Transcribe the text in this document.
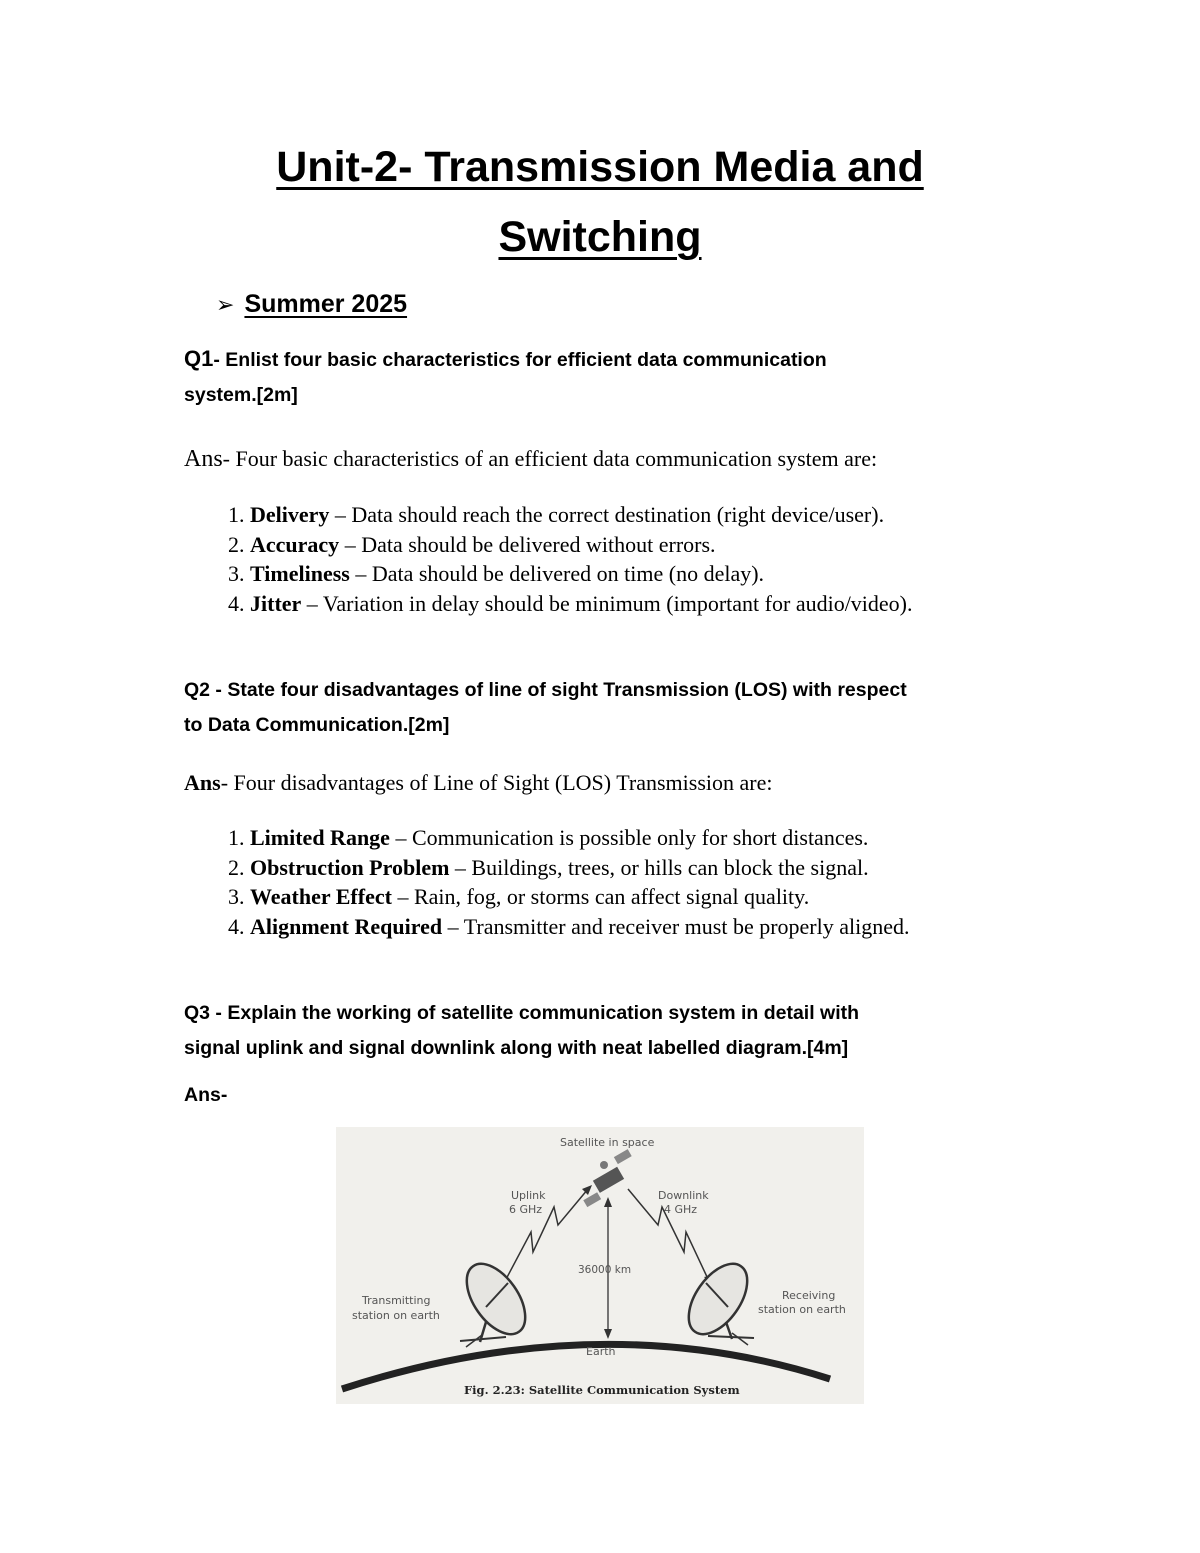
Unit-2- Transmission Media and
Switching
➢ Summer 2025

Q1- Enlist four basic characteristics for efficient data communication
system.[2m]

Ans- Four basic characteristics of an efficient data communication system are:

1. Delivery – Data should reach the correct destination (right device/user).
2. Accuracy – Data should be delivered without errors.
3. Timeliness – Data should be delivered on time (no delay).
4. Jitter – Variation in delay should be minimum (important for audio/video).

Q2 - State four disadvantages of line of sight Transmission (LOS) with respect
to Data Communication.[2m]

Ans- Four disadvantages of Line of Sight (LOS) Transmission are:

1. Limited Range – Communication is possible only for short distances.
2. Obstruction Problem – Buildings, trees, or hills can block the signal.
3. Weather Effect – Rain, fog, or storms can affect signal quality.
4. Alignment Required – Transmitter and receiver must be properly aligned.

Q3 - Explain the working of satellite communication system in detail with
signal uplink and signal downlink along with neat labelled diagram.[4m]

Ans-

Earth
Satellite in space
36000 km
Uplink
6 GHz
Downlink
4 GHz
Transmitting
station on earth
Receiving
station on earth
Fig. 2.23: Satellite Communication System
